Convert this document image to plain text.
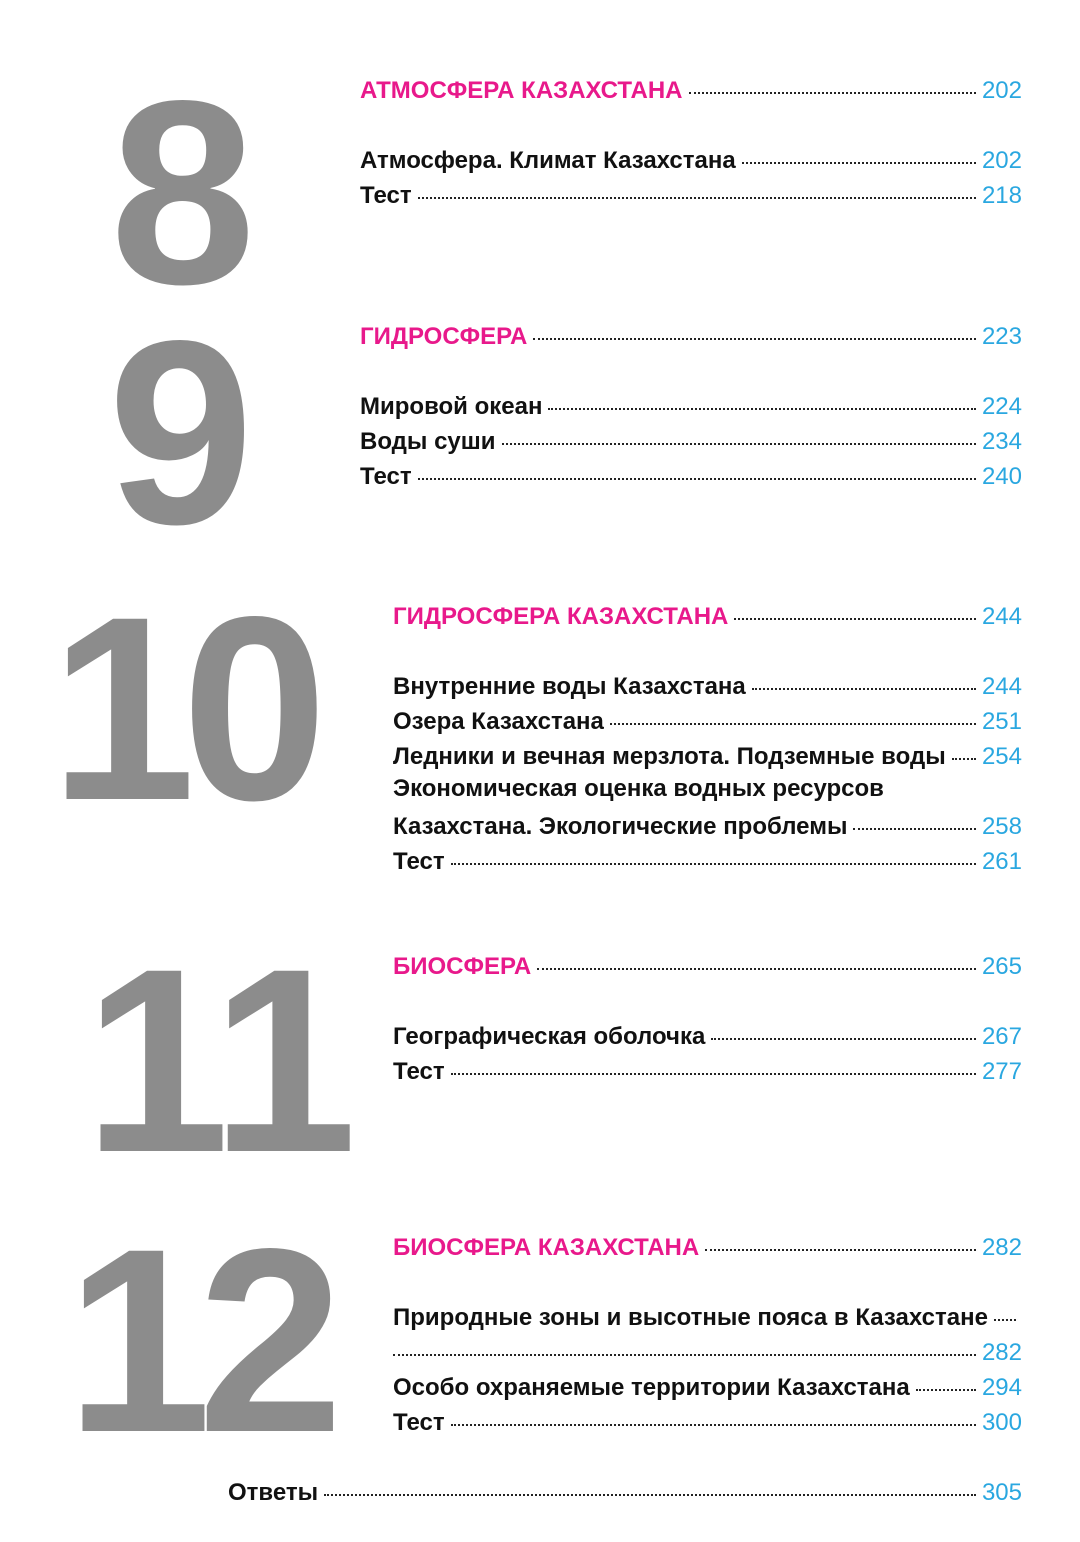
8	АТМОСФЕРА КАЗАХСТАНА	202
Атмосфера. Климат Казахстана	202
Тест	218
9	ГИДРОСФЕРА	223
Мировой океан	224
Воды суши	234
Тест	240
10	ГИДРОСФЕРА КАЗАХСТАНА	244
Внутренние воды Казахстана	244
Озера Казахстана	251
Ледники и вечная мерзлота. Подземные воды 254
Экономическая оценка водных ресурсов
Казахстана. Экологические проблемы	258
Тест	261
11 БИОСФЕРА	265
Географическая оболочка	267
Тест	277
12	БИОСФЕРА КАЗАХСТАНА	282
Природные зоны и высотные пояса в Казахстане
282
Особо охраняемые территории Казахстана	294
Тест	300
Ответы	305
